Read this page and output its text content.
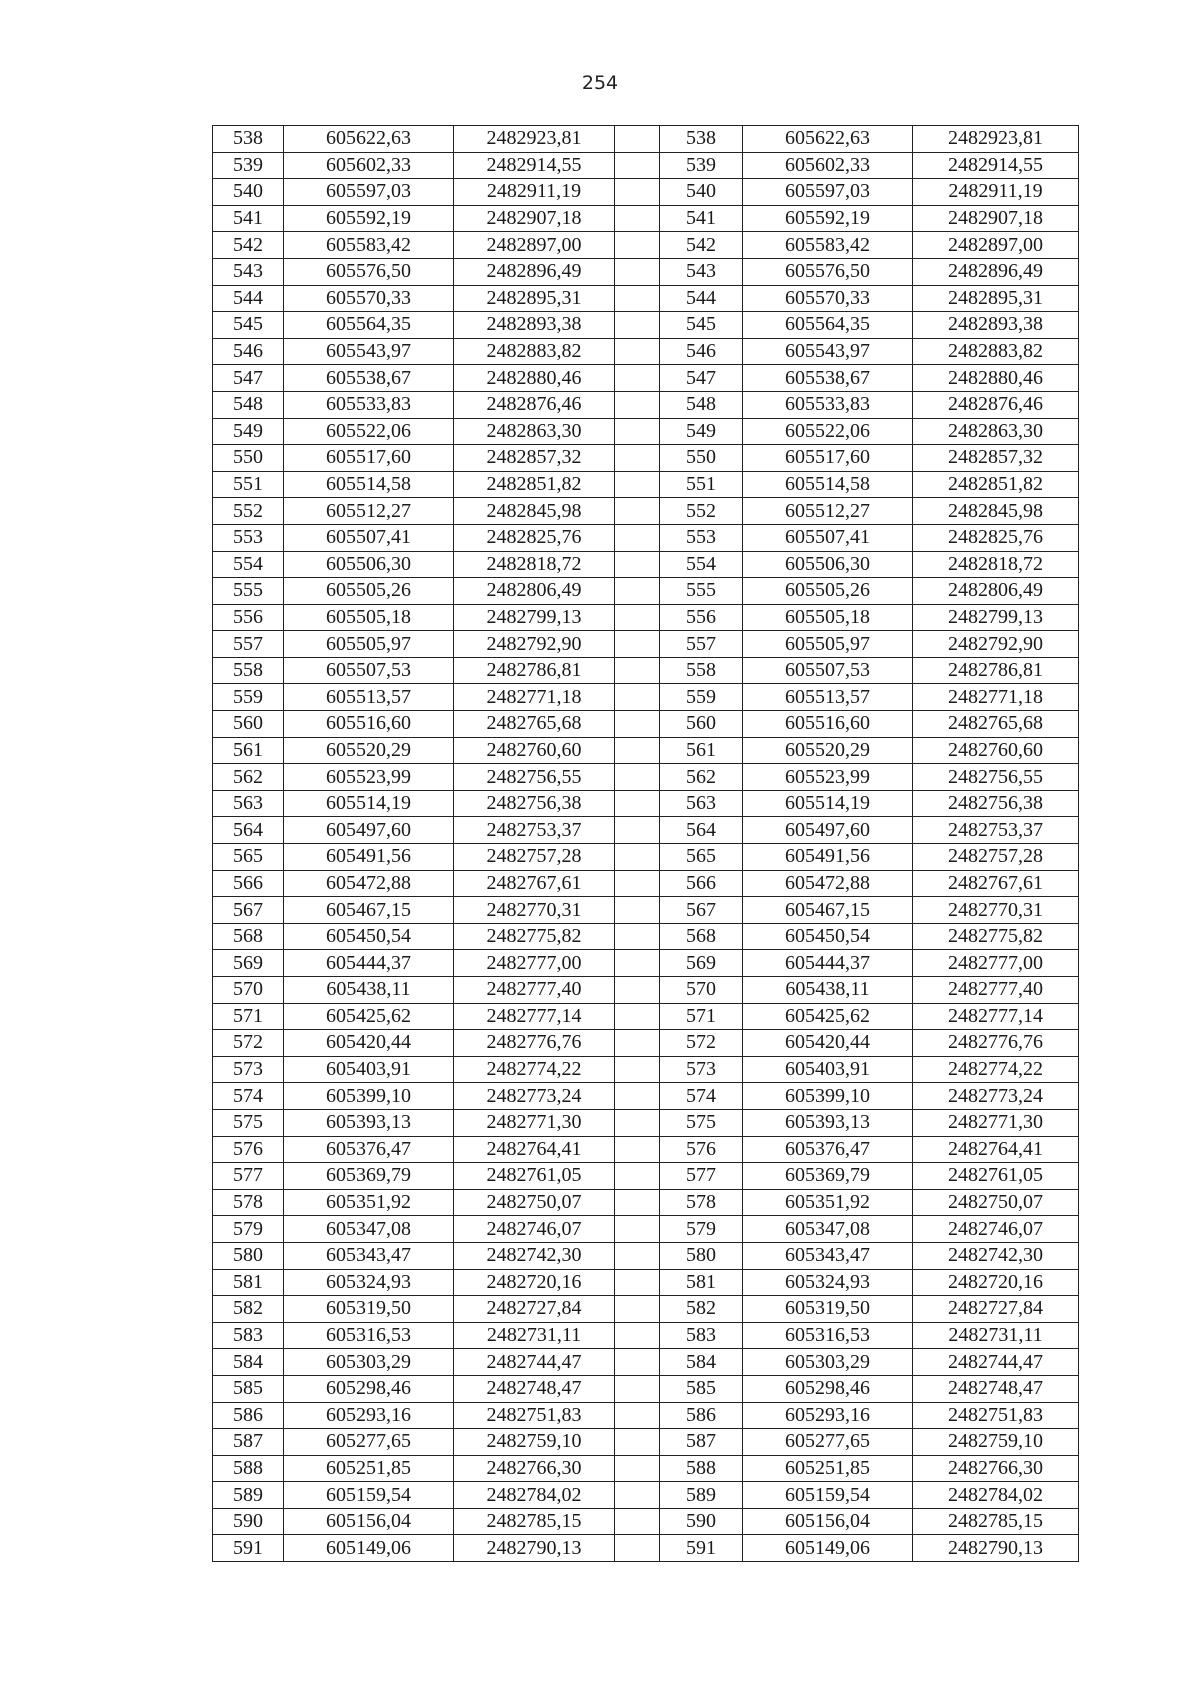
254
538	605622,63	2482923,81		538	605622,63	2482923,81
539	605602,33	2482914,55		539	605602,33	2482914,55
540	605597,03	2482911,19		540	605597,03	2482911,19
541	605592,19	2482907,18		541	605592,19	2482907,18
542	605583,42	2482897,00		542	605583,42	2482897,00
543	605576,50	2482896,49		543	605576,50	2482896,49
544	605570,33	2482895,31		544	605570,33	2482895,31
545	605564,35	2482893,38		545	605564,35	2482893,38
546	605543,97	2482883,82		546	605543,97	2482883,82
547	605538,67	2482880,46		547	605538,67	2482880,46
548	605533,83	2482876,46		548	605533,83	2482876,46
549	605522,06	2482863,30		549	605522,06	2482863,30
550	605517,60	2482857,32		550	605517,60	2482857,32
551	605514,58	2482851,82		551	605514,58	2482851,82
552	605512,27	2482845,98		552	605512,27	2482845,98
553	605507,41	2482825,76		553	605507,41	2482825,76
554	605506,30	2482818,72		554	605506,30	2482818,72
555	605505,26	2482806,49		555	605505,26	2482806,49
556	605505,18	2482799,13		556	605505,18	2482799,13
557	605505,97	2482792,90		557	605505,97	2482792,90
558	605507,53	2482786,81		558	605507,53	2482786,81
559	605513,57	2482771,18		559	605513,57	2482771,18
560	605516,60	2482765,68		560	605516,60	2482765,68
561	605520,29	2482760,60		561	605520,29	2482760,60
562	605523,99	2482756,55		562	605523,99	2482756,55
563	605514,19	2482756,38		563	605514,19	2482756,38
564	605497,60	2482753,37		564	605497,60	2482753,37
565	605491,56	2482757,28		565	605491,56	2482757,28
566	605472,88	2482767,61		566	605472,88	2482767,61
567	605467,15	2482770,31		567	605467,15	2482770,31
568	605450,54	2482775,82		568	605450,54	2482775,82
569	605444,37	2482777,00		569	605444,37	2482777,00
570	605438,11	2482777,40		570	605438,11	2482777,40
571	605425,62	2482777,14		571	605425,62	2482777,14
572	605420,44	2482776,76		572	605420,44	2482776,76
573	605403,91	2482774,22		573	605403,91	2482774,22
574	605399,10	2482773,24		574	605399,10	2482773,24
575	605393,13	2482771,30		575	605393,13	2482771,30
576	605376,47	2482764,41		576	605376,47	2482764,41
577	605369,79	2482761,05		577	605369,79	2482761,05
578	605351,92	2482750,07		578	605351,92	2482750,07
579	605347,08	2482746,07		579	605347,08	2482746,07
580	605343,47	2482742,30		580	605343,47	2482742,30
581	605324,93	2482720,16		581	605324,93	2482720,16
582	605319,50	2482727,84		582	605319,50	2482727,84
583	605316,53	2482731,11		583	605316,53	2482731,11
584	605303,29	2482744,47		584	605303,29	2482744,47
585	605298,46	2482748,47		585	605298,46	2482748,47
586	605293,16	2482751,83		586	605293,16	2482751,83
587	605277,65	2482759,10		587	605277,65	2482759,10
588	605251,85	2482766,30		588	605251,85	2482766,30
589	605159,54	2482784,02		589	605159,54	2482784,02
590	605156,04	2482785,15		590	605156,04	2482785,15
591	605149,06	2482790,13		591	605149,06	2482790,13
